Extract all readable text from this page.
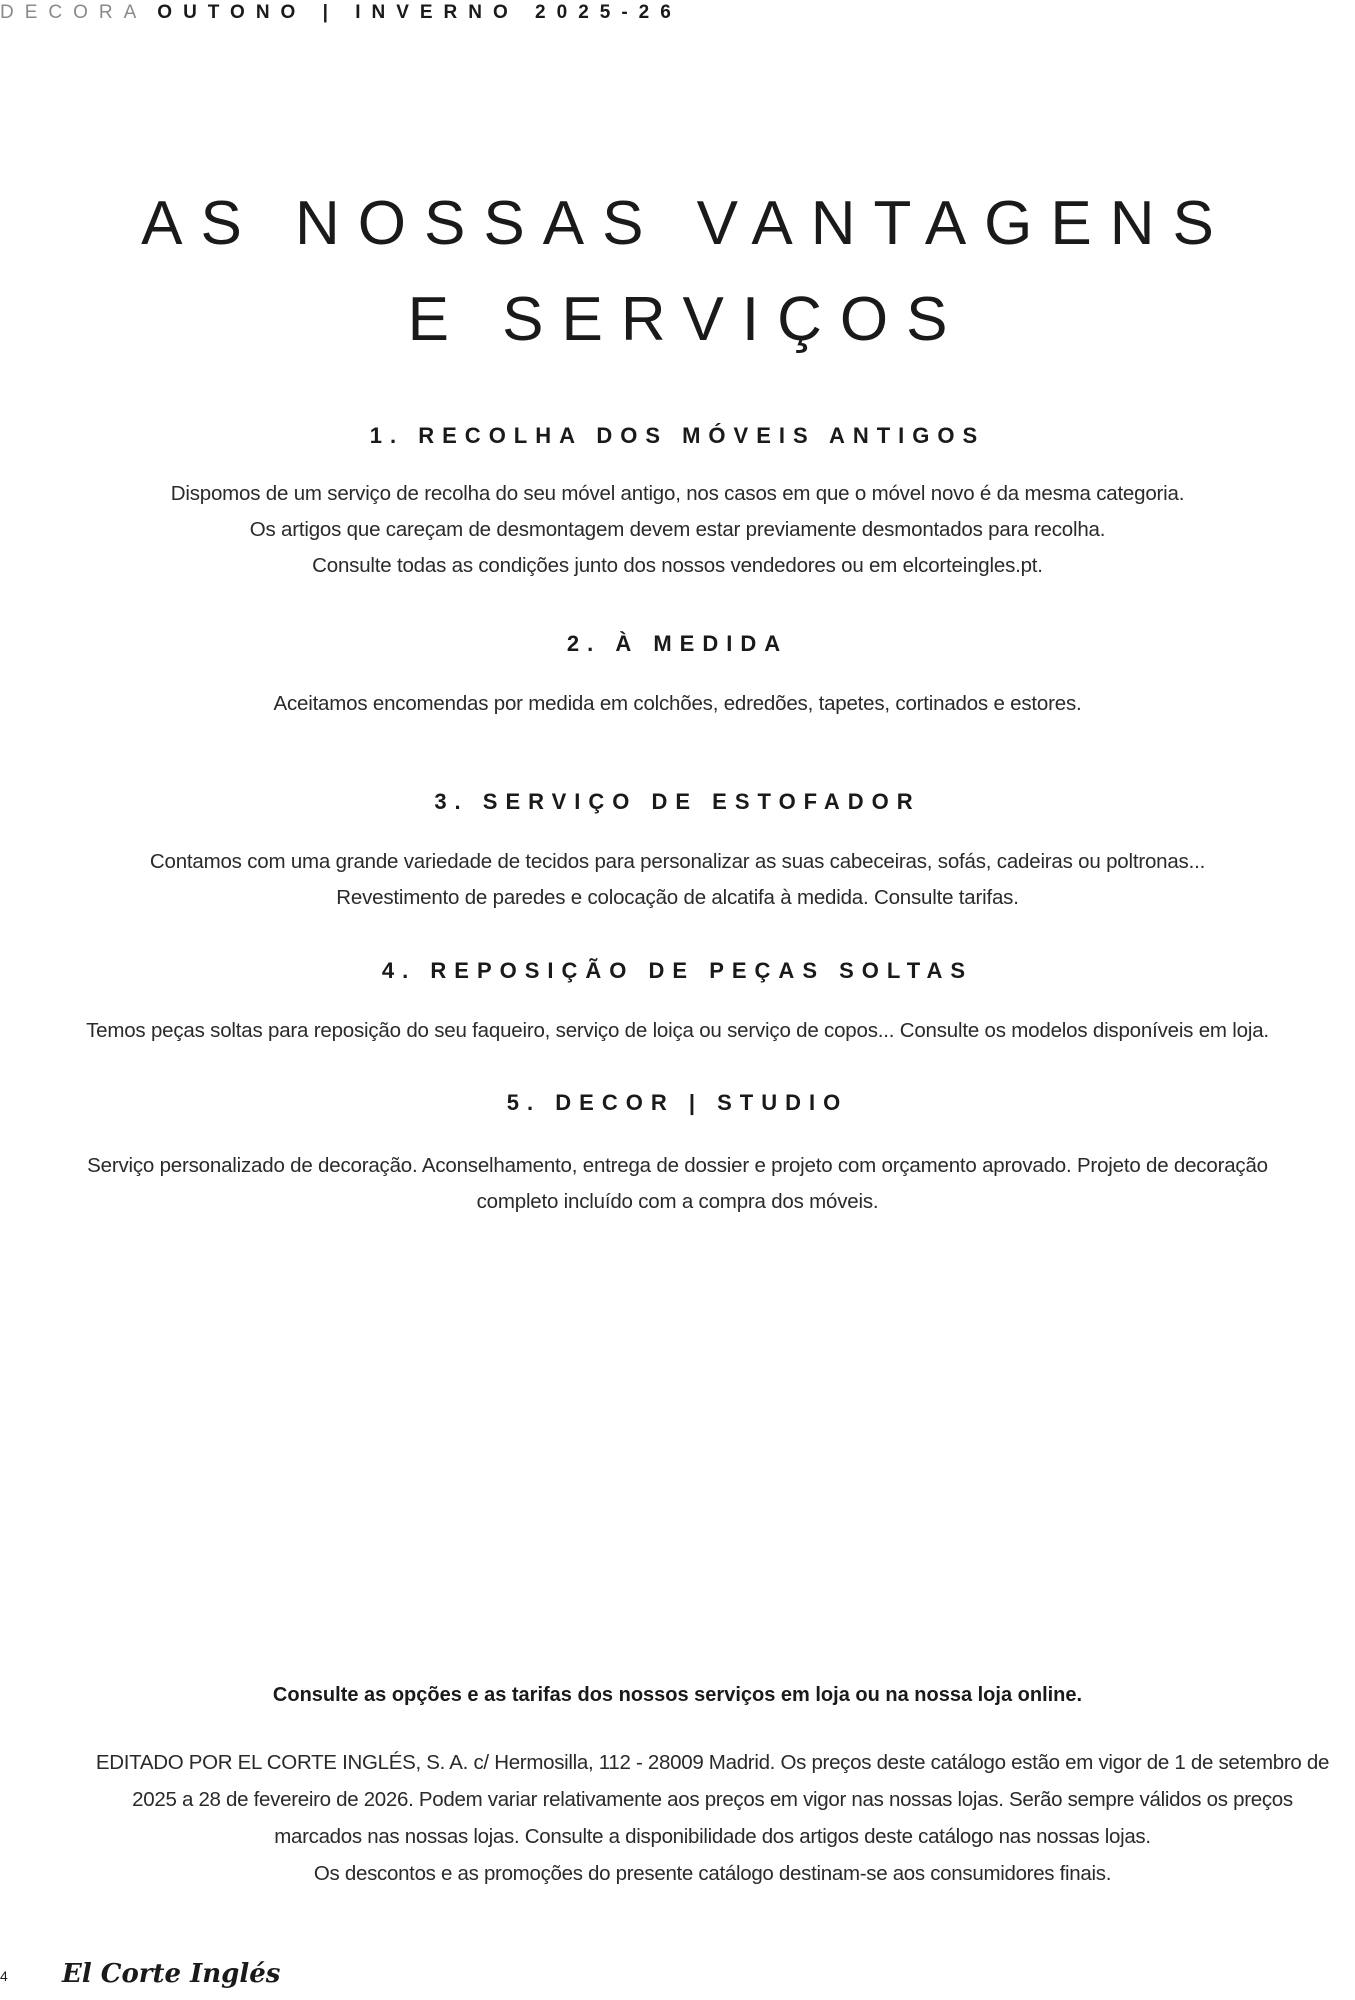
DECORA OUTONO | INVERNO 2025-26
AS NOSSAS VANTAGENS
E SERVIÇOS
1. RECOLHA DOS MÓVEIS ANTIGOS
Dispomos de um serviço de recolha do seu móvel antigo, nos casos em que o móvel novo é da mesma categoria.
Os artigos que careçam de desmontagem devem estar previamente desmontados para recolha.
Consulte todas as condições junto dos nossos vendedores ou em elcorteingles.pt.
2. À MEDIDA
Aceitamos encomendas por medida em colchões, edredões, tapetes, cortinados e estores.
3. SERVIÇO DE ESTOFADOR
Contamos com uma grande variedade de tecidos para personalizar as suas cabeceiras, sofás, cadeiras ou poltronas...
Revestimento de paredes e colocação de alcatifa à medida. Consulte tarifas.
4. REPOSIÇÃO DE PEÇAS SOLTAS
Temos peças soltas para reposição do seu faqueiro, serviço de loiça ou serviço de copos... Consulte os modelos disponíveis em loja.
5. DECOR | STUDIO
Serviço personalizado de decoração. Aconselhamento, entrega de dossier e projeto com orçamento aprovado. Projeto de decoração
completo incluído com a compra dos móveis.
Consulte as opções e as tarifas dos nossos serviços em loja ou na nossa loja online.
EDITADO POR EL CORTE INGLÉS, S. A. c/ Hermosilla, 112 - 28009 Madrid. Os preços deste catálogo estão em vigor de 1 de setembro de
2025 a 28 de fevereiro de 2026. Podem variar relativamente aos preços em vigor nas nossas lojas. Serão sempre válidos os preços
marcados nas nossas lojas. Consulte a disponibilidade dos artigos deste catálogo nas nossas lojas.
Os descontos e as promoções do presente catálogo destinam-se aos consumidores finais.
4 El Corte Inglés
